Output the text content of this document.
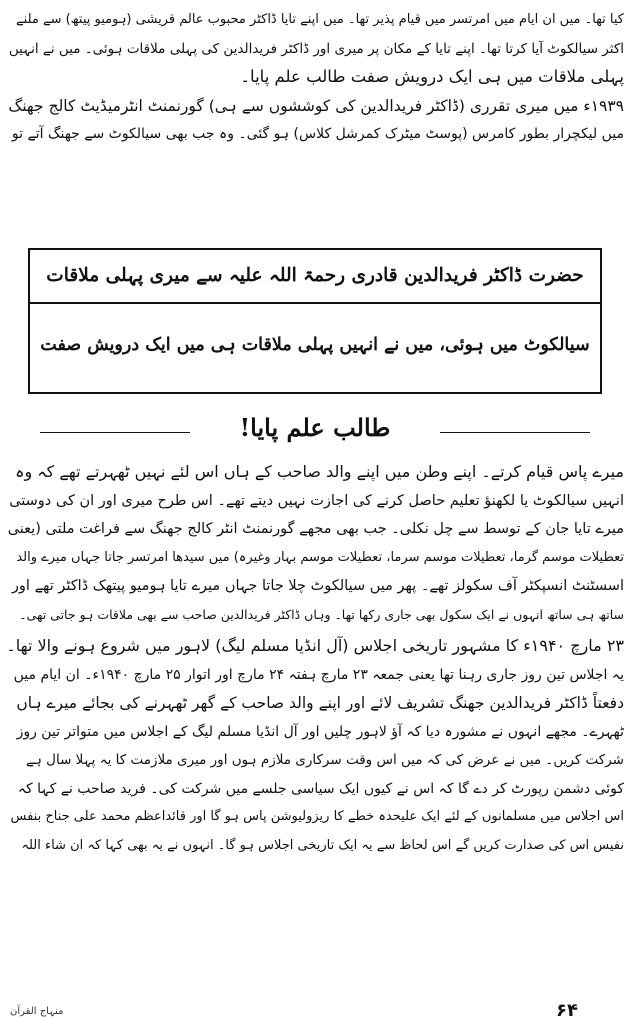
کیا تھا۔ میں ان ایام میں امرتسر میں قیام پذیر تھا۔ میں اپنے تایا ڈاکٹر محبوب عالم قریشی (ہومیو پیتھ) سے ملنے
اکثر سیالکوٹ آیا کرتا تھا۔ اپنے تایا کے مکان پر میری اور ڈاکٹر فریدالدین کی پہلی ملاقات ہوئی۔ میں نے انہیں
پہلی ملاقات میں ہی ایک درویش صفت طالب علم پایا۔
۱۹۳۹ء میں میری تقرری (ڈاکٹر فریدالدین کی کوششوں سے ہی) گورنمنٹ انٹرمیڈیٹ کالج جھنگ
میں لیکچرار بطور کامرس (پوسٹ میٹرک کمرشل کلاس) ہو گئی۔ وہ جب بھی سیالکوٹ سے جھنگ آتے تو
حضرت ڈاکٹر فریدالدین قادری رحمۃ اللہ علیہ سے میری پہلی ملاقات
سیالکوٹ میں ہوئی، میں نے انہیں پہلی ملاقات ہی میں ایک درویش صفت
طالب علم پایا!
میرے پاس قیام کرتے۔ اپنے وطن میں اپنے والد صاحب کے ہاں اس لئے نہیں ٹھہرتے تھے کہ وہ
انہیں سیالکوٹ یا لکھنؤ تعلیم حاصل کرنے کی اجازت نہیں دیتے تھے۔ اس طرح میری اور ان کی دوستی
میرے تایا جان کے توسط سے چل نکلی۔ جب بھی مجھے گورنمنٹ انٹر کالج جھنگ سے فراغت ملتی (یعنی
تعطیلات موسم گرما، تعطیلات موسم سرما، تعطیلات موسم بہار وغیرہ) میں سیدھا امرتسر جاتا جہاں میرے والد
اسسٹنٹ انسپکٹر آف سکولز تھے۔ پھر میں سیالکوٹ چلا جاتا جہاں میرے تایا ہومیو پیتھک ڈاکٹر تھے اور
ساتھ ہی ساتھ انہوں نے ایک سکول بھی جاری رکھا تھا۔ وہاں ڈاکٹر فریدالدین صاحب سے بھی ملاقات ہو جاتی تھی۔
۲۳ مارچ ۱۹۴۰ء کا مشہور تاریخی اجلاس (آل انڈیا مسلم لیگ) لاہور میں شروع ہونے والا تھا۔
یہ اجلاس تین روز جاری رہنا تھا یعنی جمعہ ۲۳ مارچ ہفتہ ۲۴ مارچ اور اتوار ۲۵ مارچ ۱۹۴۰ء۔ ان ایام میں
دفعتاً ڈاکٹر فریدالدین جھنگ تشریف لائے اور اپنے والد صاحب کے گھر ٹھہرنے کی بجائے میرے ہاں
ٹھہرے۔ مجھے انہوں نے مشورہ دیا کہ آؤ لاہور چلیں اور آل انڈیا مسلم لیگ کے اجلاس میں متواتر تین روز
شرکت کریں۔ میں نے عرض کی کہ میں اس وقت سرکاری ملازم ہوں اور میری ملازمت کا یہ پہلا سال ہے
کوئی دشمن رپورٹ کر دے گا کہ اس نے کیوں ایک سیاسی جلسے میں شرکت کی۔ فرید صاحب نے کہا کہ
اس اجلاس میں مسلمانوں کے لئے ایک علیحدہ خطے کا ریزولیوشن پاس ہو گا اور قائداعظم محمد علی جناح بنفس
نفیس اس کی صدارت کریں گے اس لحاظ سے یہ ایک تاریخی اجلاس ہو گا۔ انہوں نے یہ بھی کہا کہ ان شاء اللہ
منہاج القرآن	۶۴
